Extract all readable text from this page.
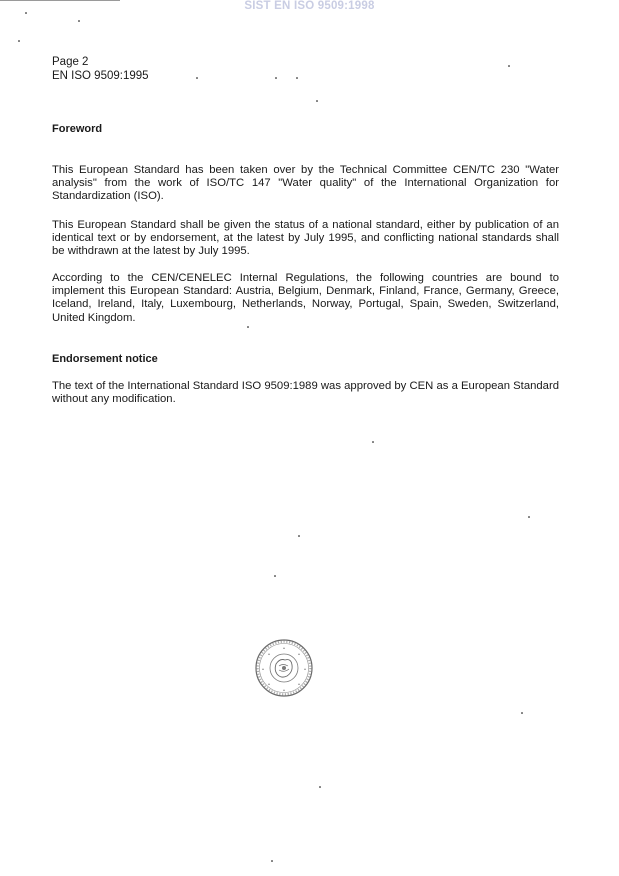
SIST EN ISO 9509:1998
Page 2
EN ISO 9509:1995
Foreword
This European Standard has been taken over by the Technical Committee CEN/TC 230 "Water analysis" from the work of ISO/TC 147 "Water quality" of the International Organization for Standardization (ISO).
This European Standard shall be given the status of a national standard, either by publication of an identical text or by endorsement, at the latest by July 1995, and conflicting national standards shall be withdrawn at the latest by July 1995.
According to the CEN/CENELEC Internal Regulations, the following countries are bound to implement this European Standard: Austria, Belgium, Denmark, Finland, France, Germany, Greece, Iceland, Ireland, Italy, Luxembourg, Netherlands, Norway, Portugal, Spain, Sweden, Switzerland, United Kingdom.
Endorsement notice
The text of the International Standard ISO 9509:1989 was approved by CEN as a European Standard without any modification.
